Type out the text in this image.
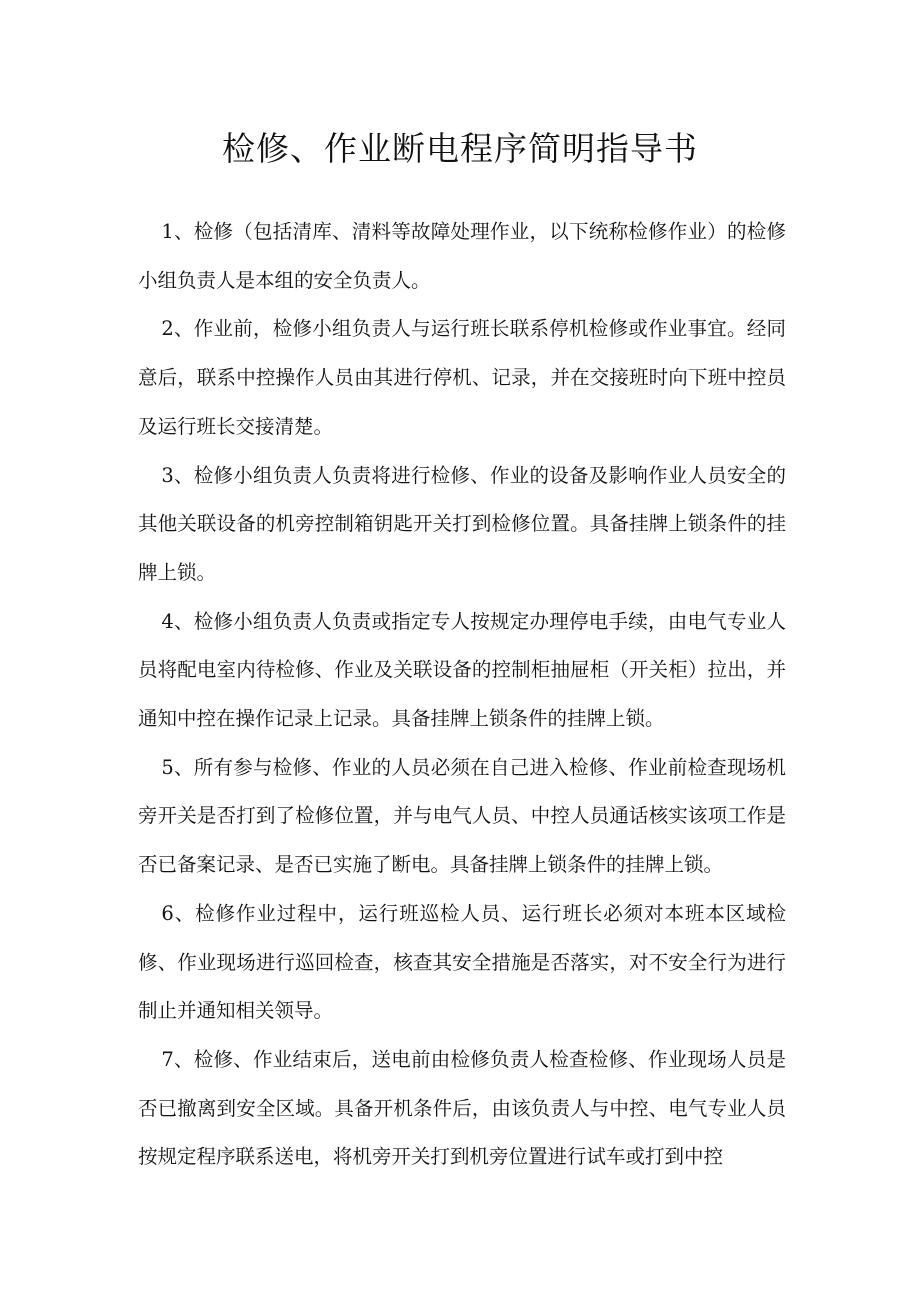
检修、作业断电程序简明指导书

1、检修（包括清库、清料等故障处理作业，以下统称检修作业）的检修小组负责人是本组的安全负责人。

2、作业前，检修小组负责人与运行班长联系停机检修或作业事宜。经同意后，联系中控操作人员由其进行停机、记录，并在交接班时向下班中控员及运行班长交接清楚。

3、检修小组负责人负责将进行检修、作业的设备及影响作业人员安全的其他关联设备的机旁控制箱钥匙开关打到检修位置。具备挂牌上锁条件的挂牌上锁。

4、检修小组负责人负责或指定专人按规定办理停电手续，由电气专业人员将配电室内待检修、作业及关联设备的控制柜抽屉柜（开关柜）拉出，并通知中控在操作记录上记录。具备挂牌上锁条件的挂牌上锁。

5、所有参与检修、作业的人员必须在自己进入检修、作业前检查现场机旁开关是否打到了检修位置，并与电气人员、中控人员通话核实该项工作是否已备案记录、是否已实施了断电。具备挂牌上锁条件的挂牌上锁。

6、检修作业过程中，运行班巡检人员、运行班长必须对本班本区域检修、作业现场进行巡回检查，核查其安全措施是否落实，对不安全行为进行制止并通知相关领导。

7、检修、作业结束后，送电前由检修负责人检查检修、作业现场人员是否已撤离到安全区域。具备开机条件后，由该负责人与中控、电气专业人员按规定程序联系送电，将机旁开关打到机旁位置进行试车或打到中控
